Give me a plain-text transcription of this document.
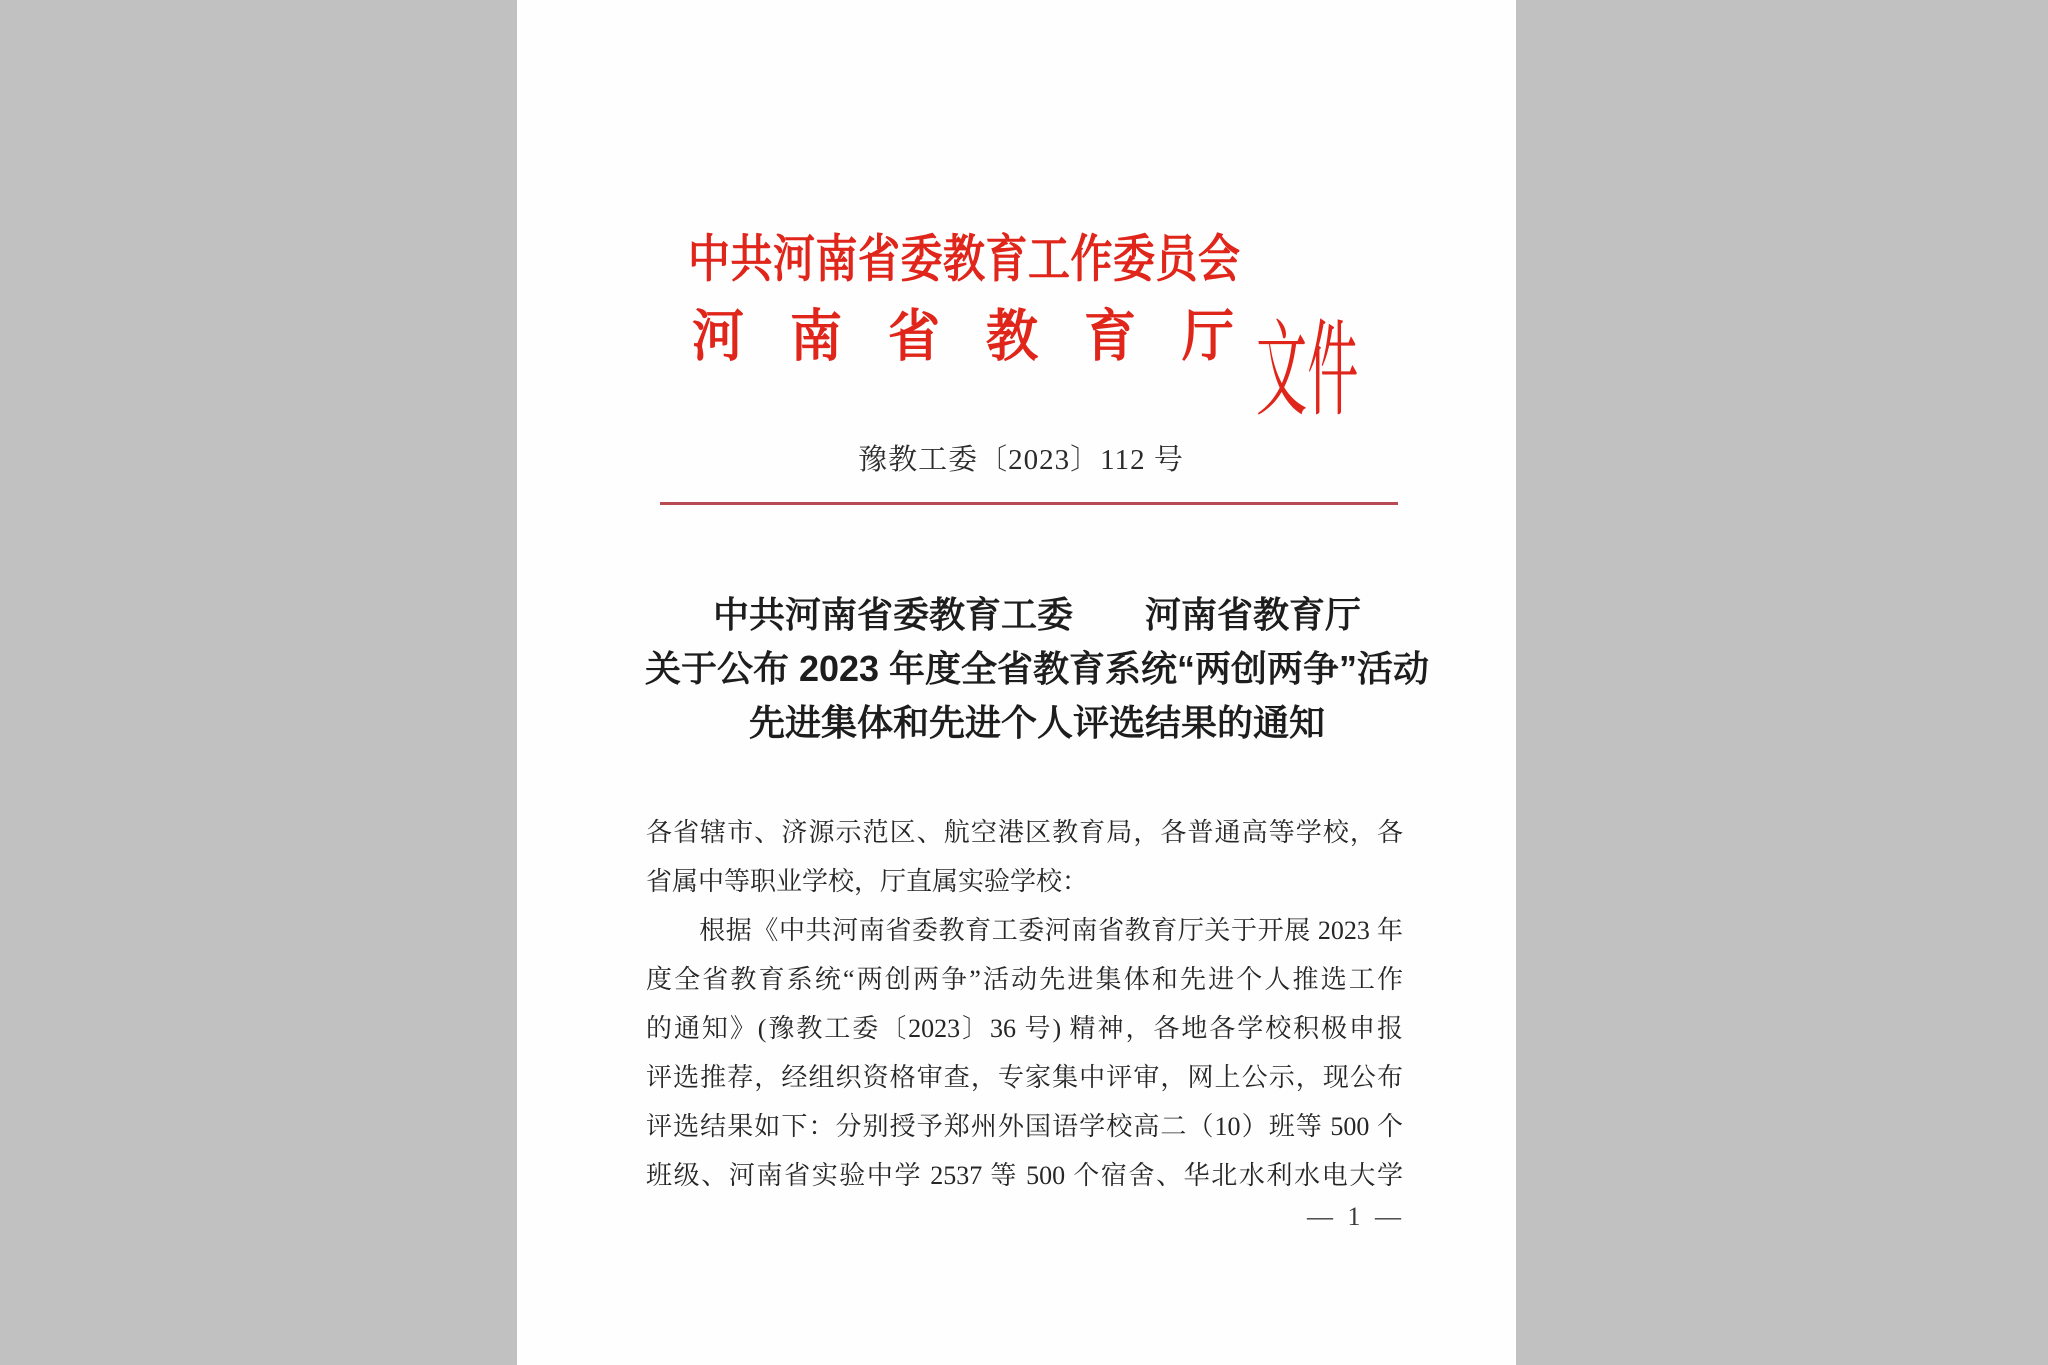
中共河南省委教育工作委员会
河　南　省　教　育　厅 文件
豫教工委〔2023〕112 号
中共河南省委教育工委　　河南省教育厅
关于公布 2023 年度全省教育系统“两创两争”活动
先进集体和先进个人评选结果的通知
各省辖市、济源示范区、航空港区教育局，各普通高等学校，各
省属中等职业学校，厅直属实验学校：
　　根据《中共河南省委教育工委河南省教育厅关于开展 2023 年
度全省教育系统“两创两争”活动先进集体和先进个人推选工作
的通知》(豫教工委〔2023〕36 号) 精神，各地各学校积极申报
评选推荐，经组织资格审查，专家集中评审，网上公示，现公布
评选结果如下：分别授予郑州外国语学校高二（10）班等 500 个
班级、河南省实验中学 2537 等 500 个宿舍、华北水利水电大学
— 1 —
